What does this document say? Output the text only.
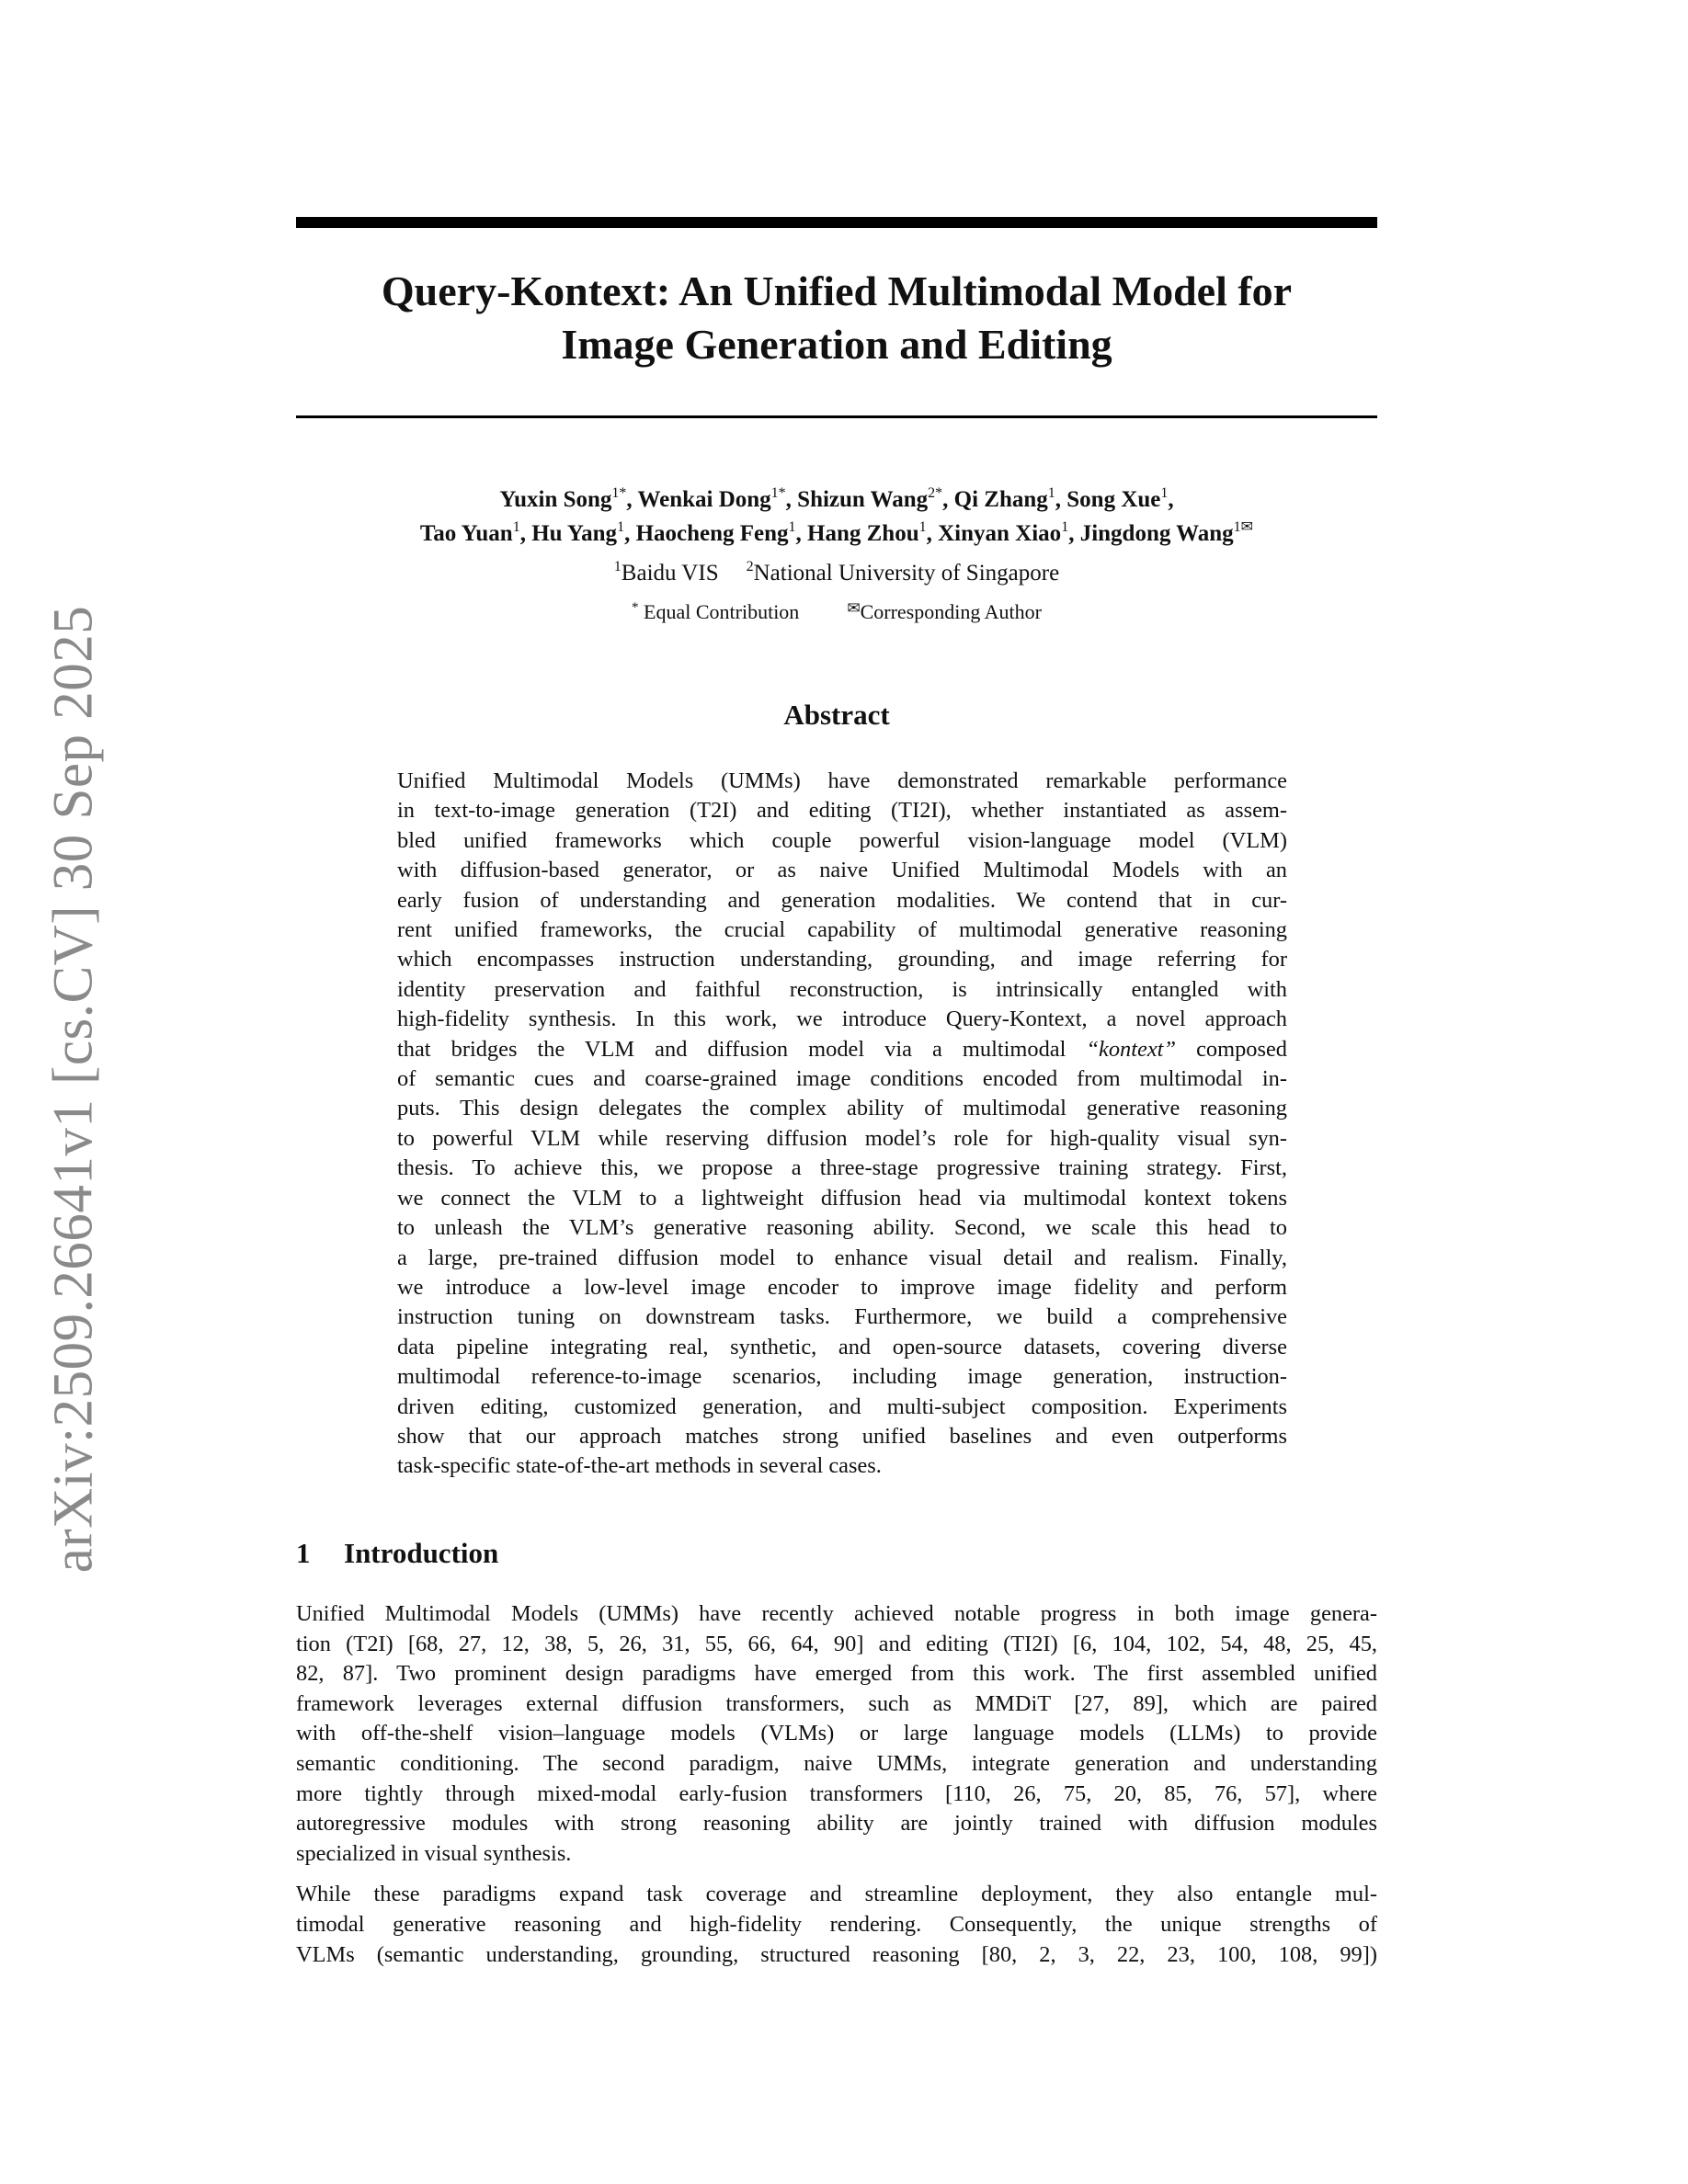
arXiv:2509.26641v1 [cs.CV] 30 Sep 2025
Query-Kontext: An Unified Multimodal Model for
Image Generation and Editing
Yuxin Song$^{1*}$, Wenkai Dong$^{1*}$, Shizun Wang$^{2*}$, Qi Zhang$^1$, Song Xue$^1$,
Tao Yuan$^1$, Hu Yang$^1$, Haocheng Feng$^1$, Hang Zhou$^1$, Xinyan Xiao$^1$, Jingdong Wang$^{1✉}$
$^1$Baidu VIS $^2$National University of Singapore
* Equal Contribution	✉Corresponding Author
Abstract
Unified Multimodal Models (UMMs) have demonstrated remarkable performance
in text-to-image generation (T2I) and editing (TI2I), whether instantiated as assem-
bled unified frameworks which couple powerful vision-language model (VLM)
with diffusion-based generator, or as naive Unified Multimodal Models with an
early fusion of understanding and generation modalities. We contend that in cur-
rent unified frameworks, the crucial capability of multimodal generative reasoning
which encompasses instruction understanding, grounding, and image referring for
identity preservation and faithful reconstruction, is intrinsically entangled with
high-fidelity synthesis. In this work, we introduce Query-Kontext, a novel approach
that bridges the VLM and diffusion model via a multimodal “kontext” composed
of semantic cues and coarse-grained image conditions encoded from multimodal in-
puts. This design delegates the complex ability of multimodal generative reasoning
to powerful VLM while reserving diffusion model’s role for high-quality visual syn-
thesis. To achieve this, we propose a three-stage progressive training strategy. First,
we connect the VLM to a lightweight diffusion head via multimodal kontext tokens
to unleash the VLM’s generative reasoning ability. Second, we scale this head to
a large, pre-trained diffusion model to enhance visual detail and realism. Finally,
we introduce a low-level image encoder to improve image fidelity and perform
instruction tuning on downstream tasks. Furthermore, we build a comprehensive
data pipeline integrating real, synthetic, and open-source datasets, covering diverse
multimodal reference-to-image scenarios, including image generation, instruction-
driven editing, customized generation, and multi-subject composition. Experiments
show that our approach matches strong unified baselines and even outperforms
task-specific state-of-the-art methods in several cases.
1 Introduction

Unified Multimodal Models (UMMs) have recently achieved notable progress in both image genera-
tion (T2I) [68, 27, 12, 38, 5, 26, 31, 55, 66, 64, 90] and editing (TI2I) [6, 104, 102, 54, 48, 25, 45,
82, 87]. Two prominent design paradigms have emerged from this work. The first assembled unified
framework leverages external diffusion transformers, such as MMDiT [27, 89], which are paired
with off-the-shelf vision–language models (VLMs) or large language models (LLMs) to provide
semantic conditioning. The second paradigm, naive UMMs, integrate generation and understanding
more tightly through mixed-modal early-fusion transformers [110, 26, 75, 20, 85, 76, 57], where
autoregressive modules with strong reasoning ability are jointly trained with diffusion modules
specialized in visual synthesis.

While these paradigms expand task coverage and streamline deployment, they also entangle mul-
timodal generative reasoning and high-fidelity rendering. Consequently, the unique strengths of
VLMs (semantic understanding, grounding, structured reasoning [80, 2, 3, 22, 23, 100, 108, 99])
